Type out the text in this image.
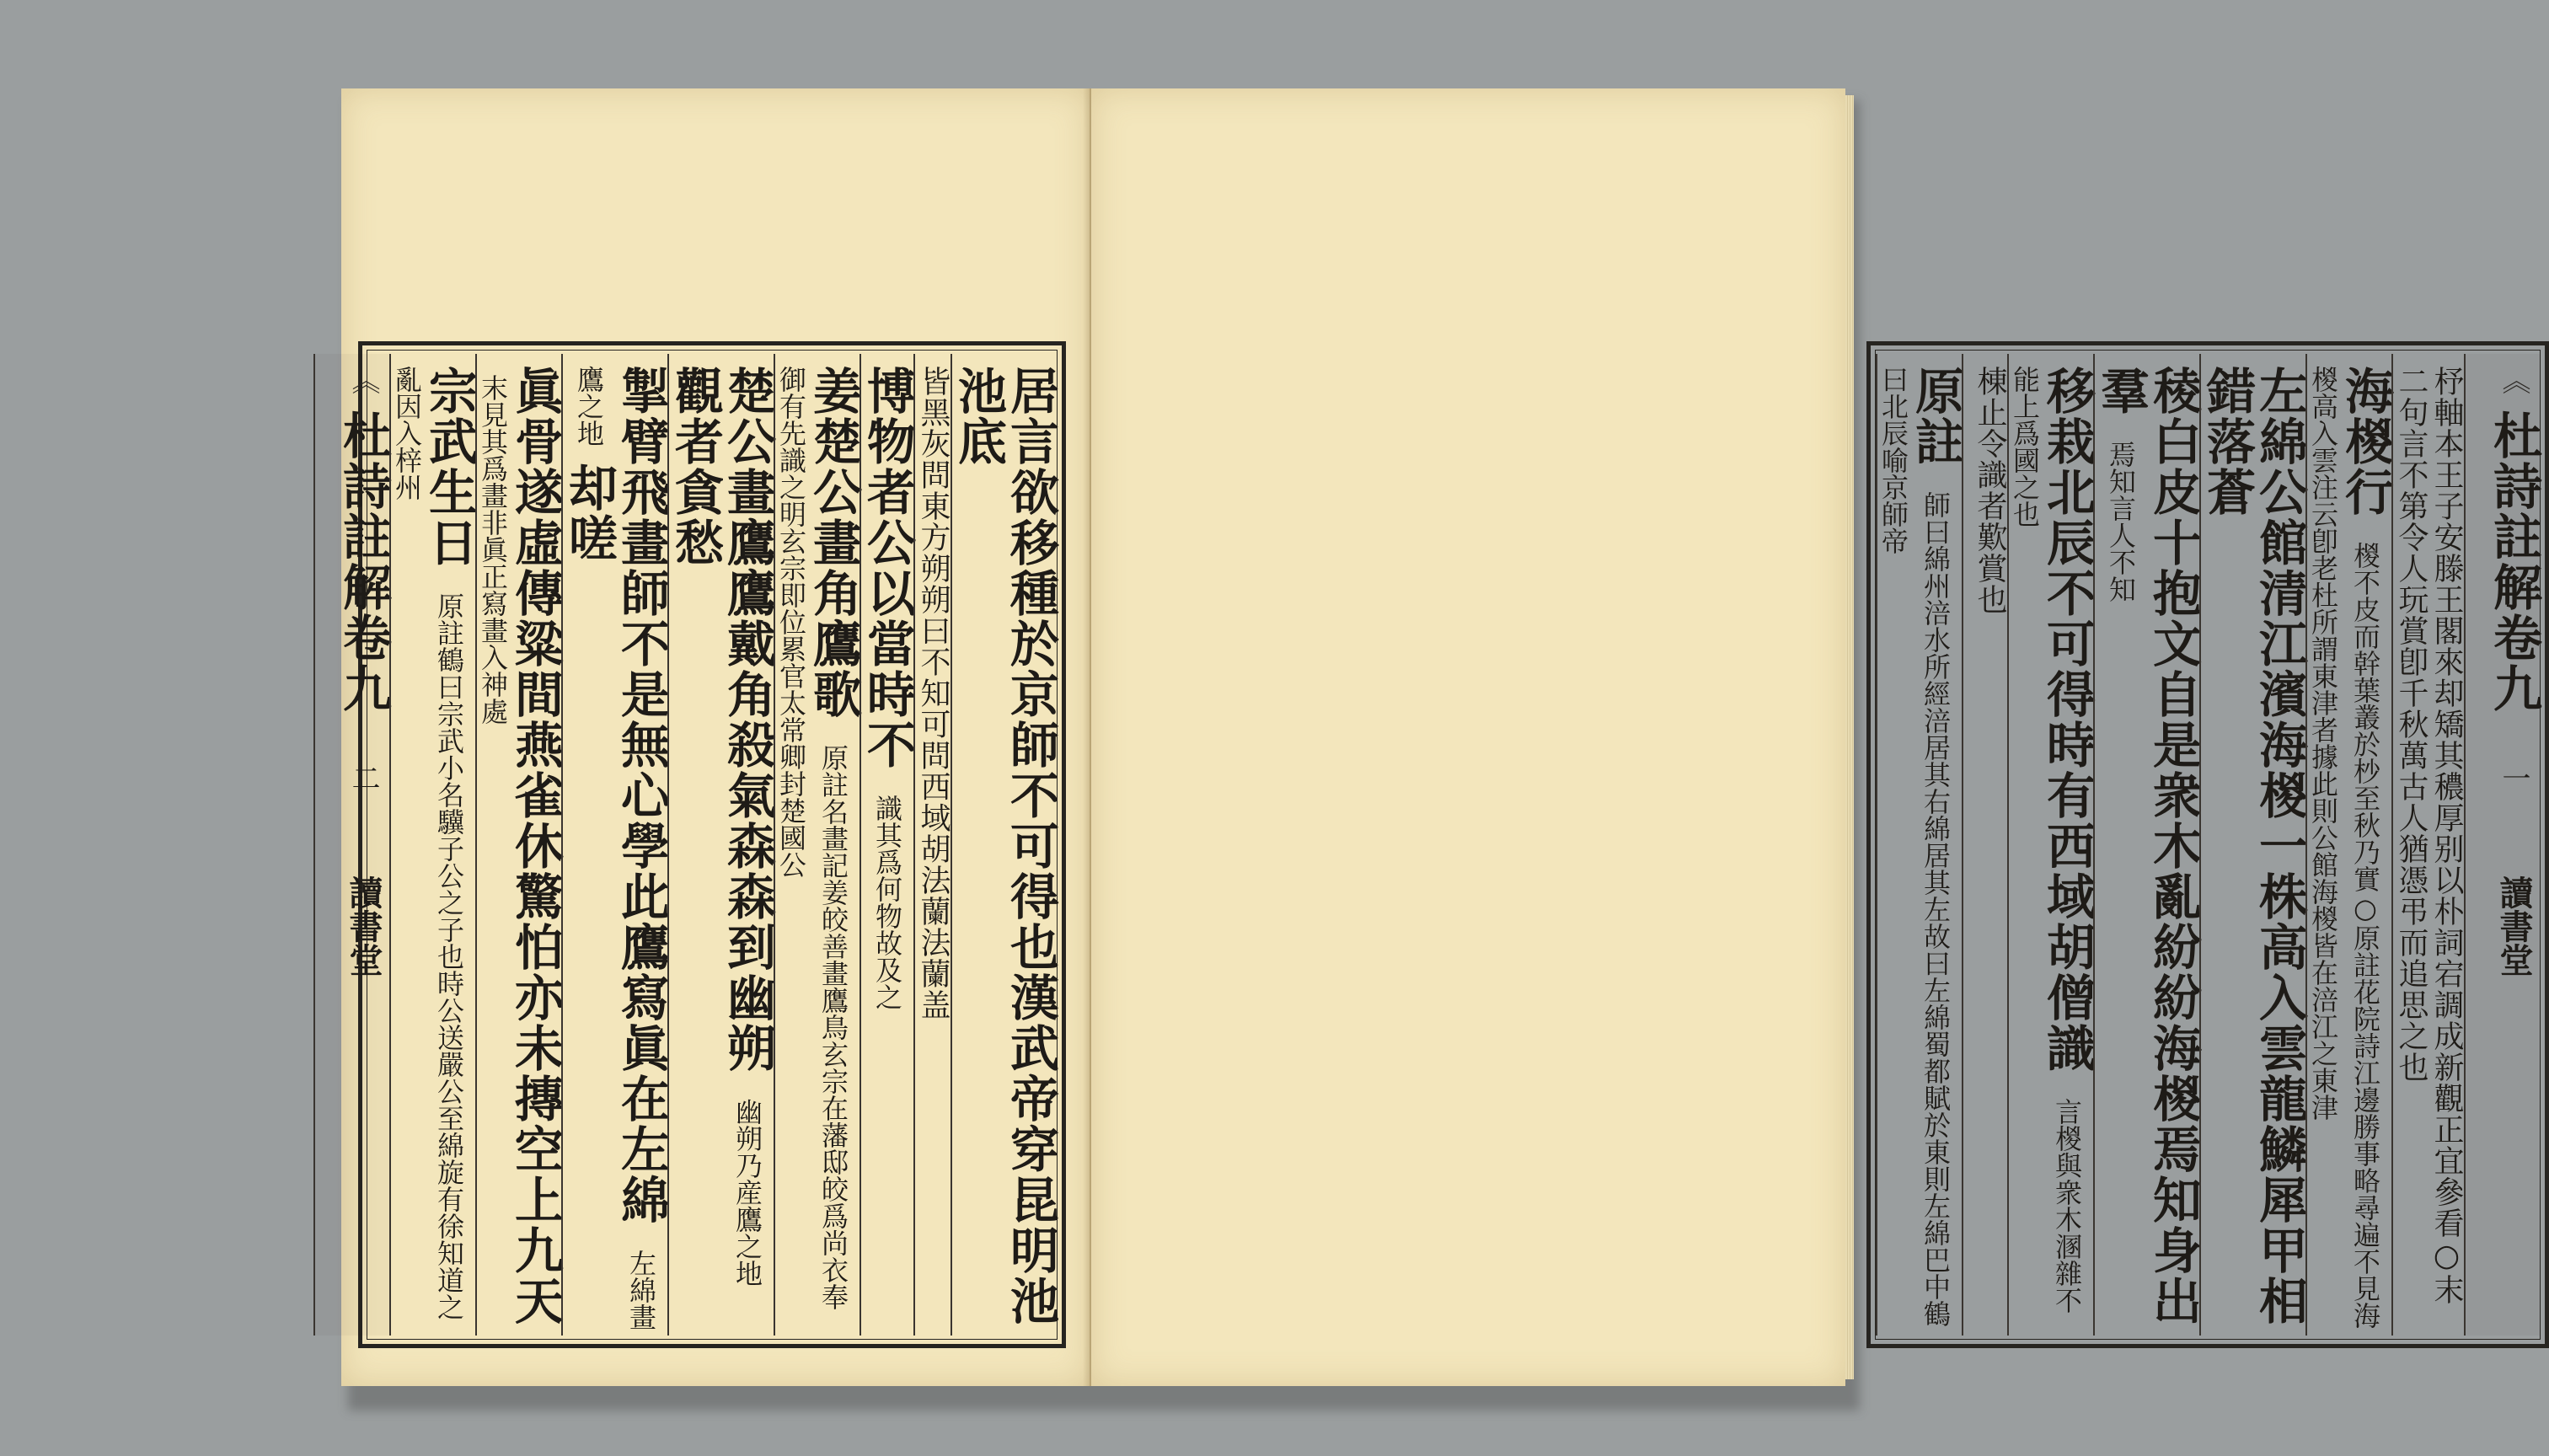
居言欲移種於京師不可得也漢武帝穿昆明池池底
皆黑灰問東方朔朔曰不知可問西域胡法蘭法蘭盖
博物者公以當時不 識其爲何物故及之
姜楚公畫角鷹歌 原註名畫記姜皎善畫鷹鳥玄宗在藩邸皎爲尚衣奉御有先識之明玄宗即位累官太常卿封楚國公
楚公畫鷹鷹戴角殺氣森森到幽朔 幽朔乃産鷹之地 觀者貪愁
掣臂飛畫師不是無心學此鷹寫眞在左綿 左綿畫鷹之地 却嗟
眞骨遂虛傳粱間燕雀休驚怕亦未摶空上九天 末見其爲畫非眞正寫畫入神處
宗武生日 原註鶴曰宗武小名驥子公之子也時公送嚴公至綿旋有徐知道之亂因入梓州
︽ 杜詩註解卷九 二 讀書堂
︽ 杜詩註解卷九 一 讀書堂
杼軸本王子安滕王閣來却矯其穠厚别以朴詞宕調成新觀正宜參看○末二句言不第令人玩賞卽千秋萬古人猶憑弔而追思之也
海椶行 椶不皮而幹葉叢於杪至秋乃實○原註花院詩江邊勝事略尋遍不見海椶高入雲注云卽老杜所謂東津者據此則公館海椶皆在涪江之東津
左綿公館清江濱海椶一株高入雲龍鱗犀甲相錯落蒼
稜白皮十抱文自是衆木亂紛紛海椶焉知身出羣 焉知言人不知
移栽北辰不可得時有西域胡僧識 言椶與衆木溷雜不能上爲國之也
棟止令識者歎賞也
原註 師曰綿州涪水所經涪居其右綿居其左故曰左綿蜀都賦於東則左綿巴中鶴曰北辰喻京師帝
